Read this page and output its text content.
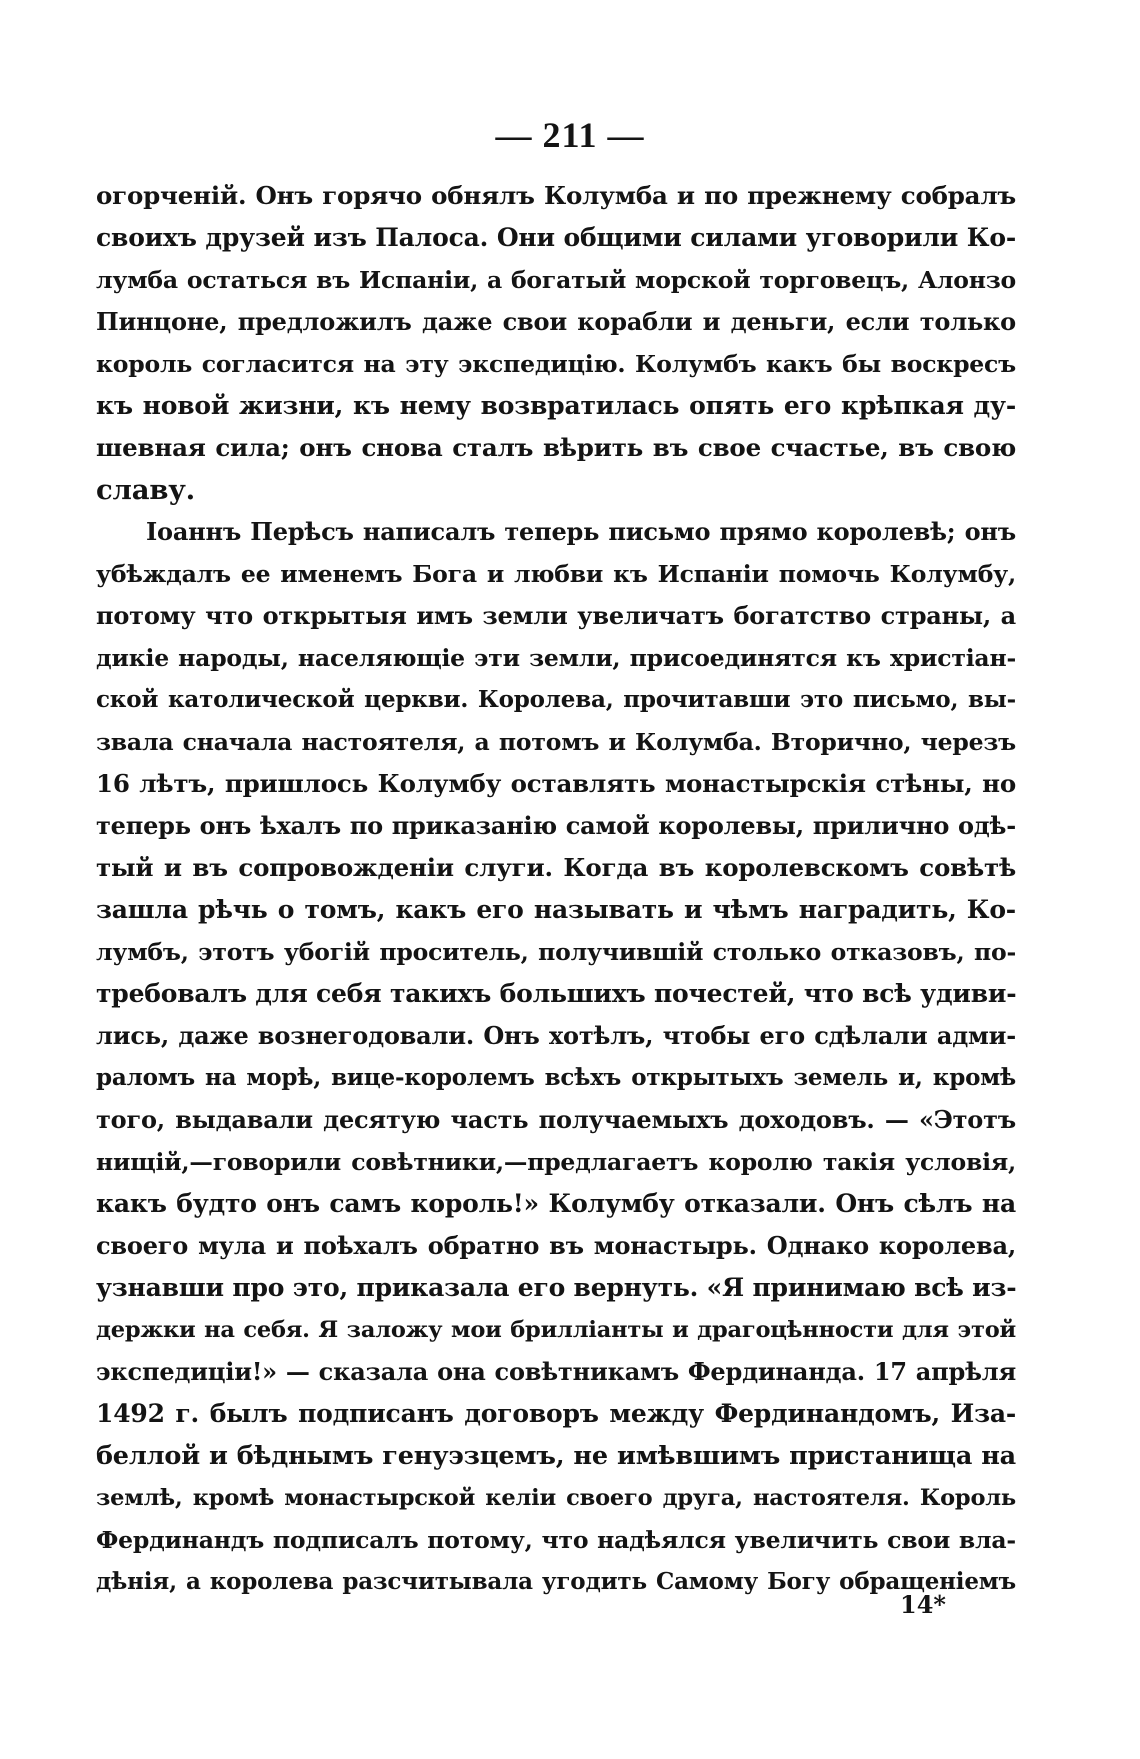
— 211 —
огорченій. Онъ горячо обнялъ Колумба и по прежнему собралъ
своихъ друзей изъ Палоса. Они общими силами уговорили Ко-
лумба остаться въ Испаніи, а богатый морской торговецъ, Алонзо
Пинцоне, предложилъ даже свои корабли и деньги, если только
король согласится на эту экспедицію. Колумбъ какъ бы воскресъ
къ новой жизни, къ нему возвратилась опять его крѣпкая ду-
шевная сила; онъ снова сталъ вѣрить въ свое счастье, въ свою
славу.
Іоаннъ Перѣсъ написалъ теперь письмо прямо королевѣ; онъ
убѣждалъ ее именемъ Бога и любви къ Испаніи помочь Колумбу,
потому что открытыя имъ земли увеличатъ богатство страны, а
дикіе народы, населяющіе эти земли, присоединятся къ христіан-
ской католической церкви. Королева, прочитавши это письмо, вы-
звала сначала настоятеля, а потомъ и Колумба. Вторично, черезъ
16 лѣтъ, пришлось Колумбу оставлять монастырскія стѣны, но
теперь онъ ѣхалъ по приказанію самой королевы, прилично одѣ-
тый и въ сопровожденіи слуги. Когда въ королевскомъ совѣтѣ
зашла рѣчь о томъ, какъ его называть и чѣмъ наградить, Ко-
лумбъ, этотъ убогій проситель, получившій столько отказовъ, по-
требовалъ для себя такихъ большихъ почестей, что всѣ удиви-
лись, даже вознегодовали. Онъ хотѣлъ, чтобы его сдѣлали адми-
раломъ на морѣ, вице-королемъ всѣхъ открытыхъ земель и, кромѣ
того, выдавали десятую часть получаемыхъ доходовъ. — «Этотъ
нищій,—говорили совѣтники,—предлагаетъ королю такія условія,
какъ будто онъ самъ король!» Колумбу отказали. Онъ сѣлъ на
своего мула и поѣхалъ обратно въ монастырь. Однако королева,
узнавши про это, приказала его вернуть. «Я принимаю всѣ из-
держки на себя. Я заложу мои брилліанты и драгоцѣнности для этой
экспедиціи!» — сказала она совѣтникамъ Фердинанда. 17 апрѣля
1492 г. былъ подписанъ договоръ между Фердинандомъ, Иза-
беллой и бѣднымъ генуэзцемъ, не имѣвшимъ пристанища на
землѣ, кромѣ монастырской келіи своего друга, настоятеля. Король
Фердинандъ подписалъ потому, что надѣялся увеличить свои вла-
дѣнія, а королева разсчитывала угодить Самому Богу обращеніемъ
14*
